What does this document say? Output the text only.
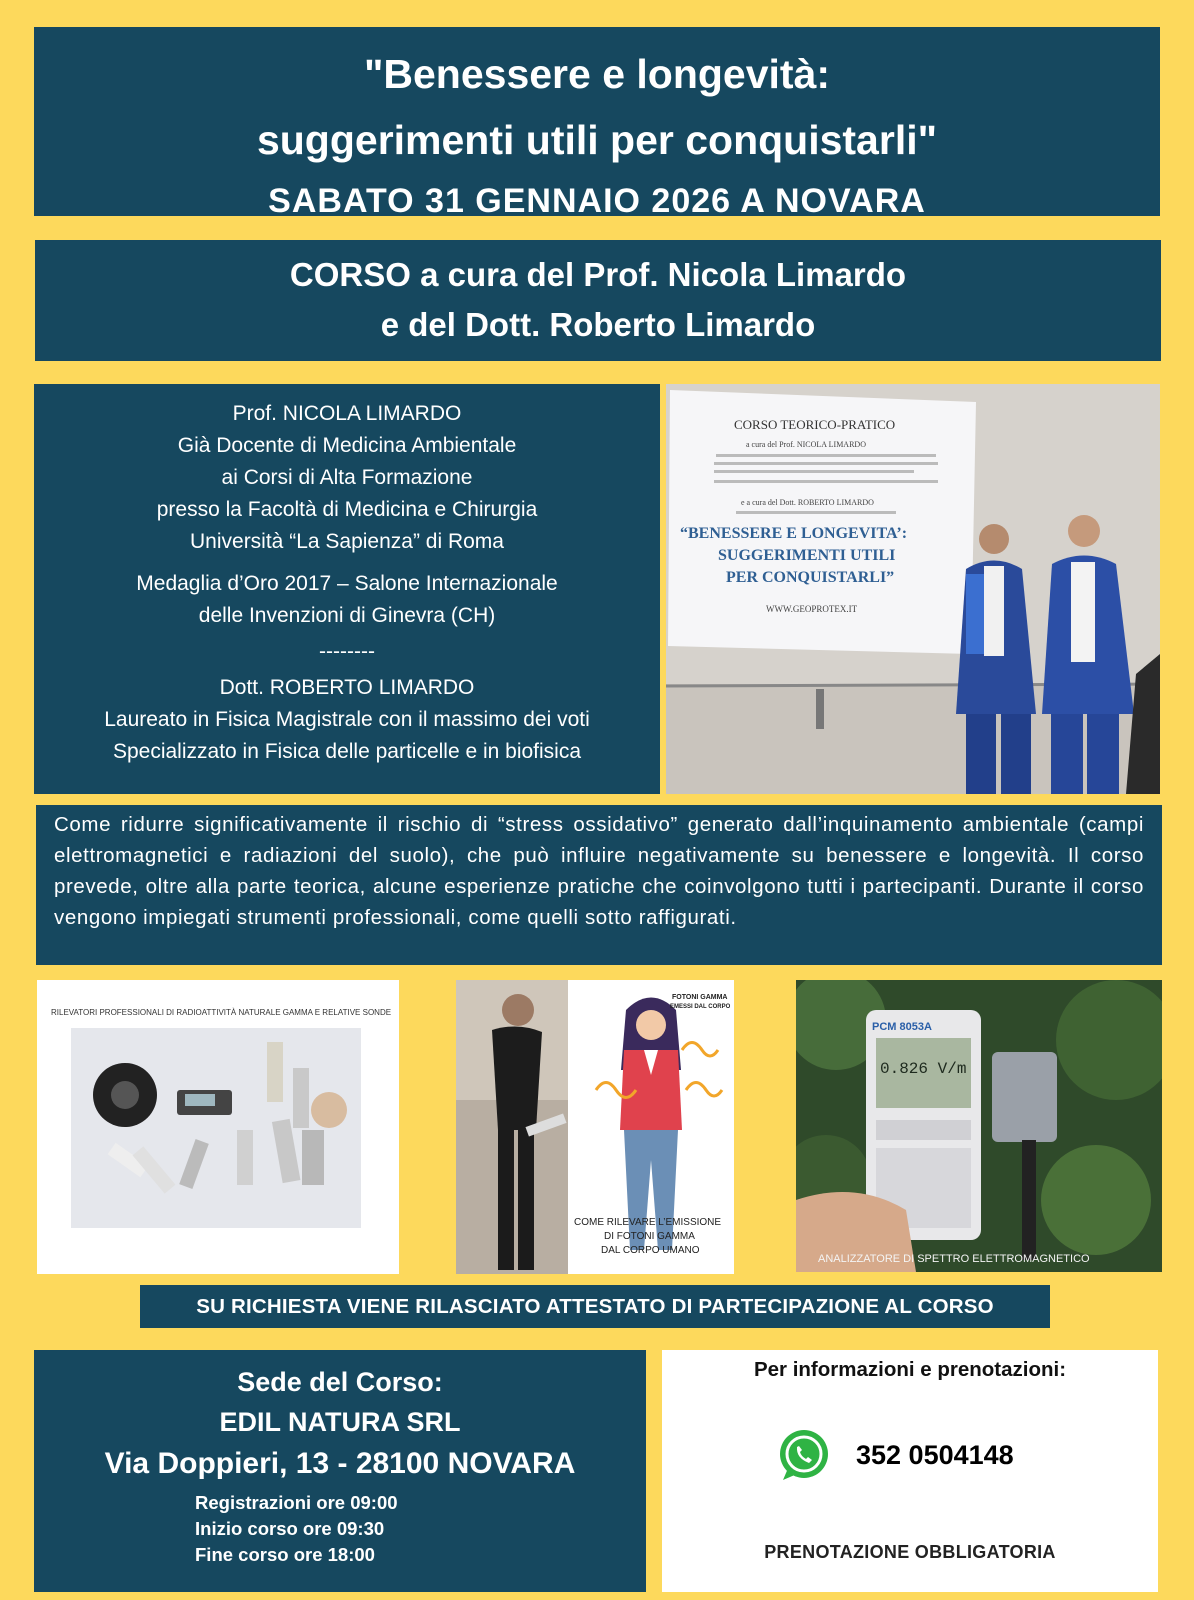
"Benessere e longevità:
suggerimenti utili per conquistarli"
SABATO 31 GENNAIO 2026 A NOVARA
CORSO a cura del Prof. Nicola Limardo
e del Dott. Roberto Limardo
Prof. NICOLA LIMARDO
Già Docente di Medicina Ambientale
ai Corsi di Alta Formazione
presso la Facoltà di Medicina e Chirurgia
Università “La Sapienza” di Roma
Medaglia d’Oro 2017 – Salone Internazionale
delle Invenzioni di Ginevra (CH)
--------
Dott. ROBERTO LIMARDO
Laureato in Fisica Magistrale con il massimo dei voti
Specializzato in Fisica delle particelle e in biofisica
CORSO TEORICO-PRATICO
a cura del Prof. NICOLA LIMARDO
e a cura del Dott. ROBERTO LIMARDO
“BENESSERE E LONGEVITA’:
SUGGERIMENTI UTILI
PER CONQUISTARLI”
WWW.GEOPROTEX.IT
Come ridurre significativamente il rischio di “stress ossidativo” generato dall’inquinamento ambientale (campi elettromagnetici e radiazioni del suolo), che può influire negativamente su benessere e longevità. Il corso prevede, oltre alla parte teorica, alcune esperienze pratiche che coinvolgono tutti i partecipanti. Durante il corso vengono impiegati strumenti professionali, come quelli sotto raffigurati.
RILEVATORI PROFESSIONALI DI RADIOATTIVITÀ NATURALE GAMMA E RELATIVE SONDE
FOTONI GAMMA
EMESSI DAL CORPO
COME RILEVARE L’EMISSIONE
DI FOTONI GAMMA
DAL CORPO UMANO
PCM 8053A
0.826 V/m
ANALIZZATORE DI SPETTRO ELETTROMAGNETICO
SU RICHIESTA VIENE RILASCIATO ATTESTATO DI PARTECIPAZIONE AL CORSO
Sede del Corso:
EDIL NATURA SRL
Via Doppieri, 13 - 28100 NOVARA
Registrazioni ore 09:00
Inizio corso ore 09:30
Fine corso ore 18:00
Per informazioni e prenotazioni:
352 0504148
PRENOTAZIONE OBBLIGATORIA
